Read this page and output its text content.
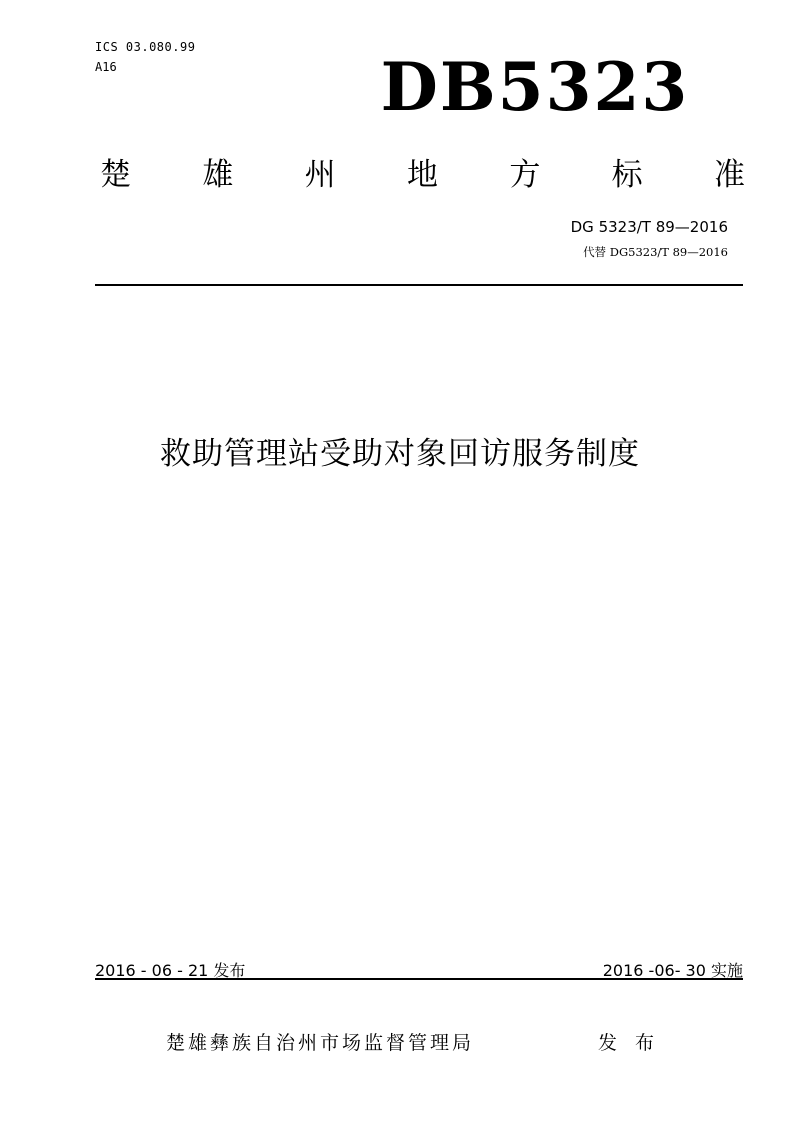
ICS 03.080.99
A16	DB5323
楚 雄 州 地 方 标 准
DG 5323/T 89—2016
代替 DG5323/T 89—2016
救助管理站受助对象回访服务制度
2016 - 06 - 21 发布	2016 -06- 30 实施
楚雄彝族自治州市场监督管理局	发 布
